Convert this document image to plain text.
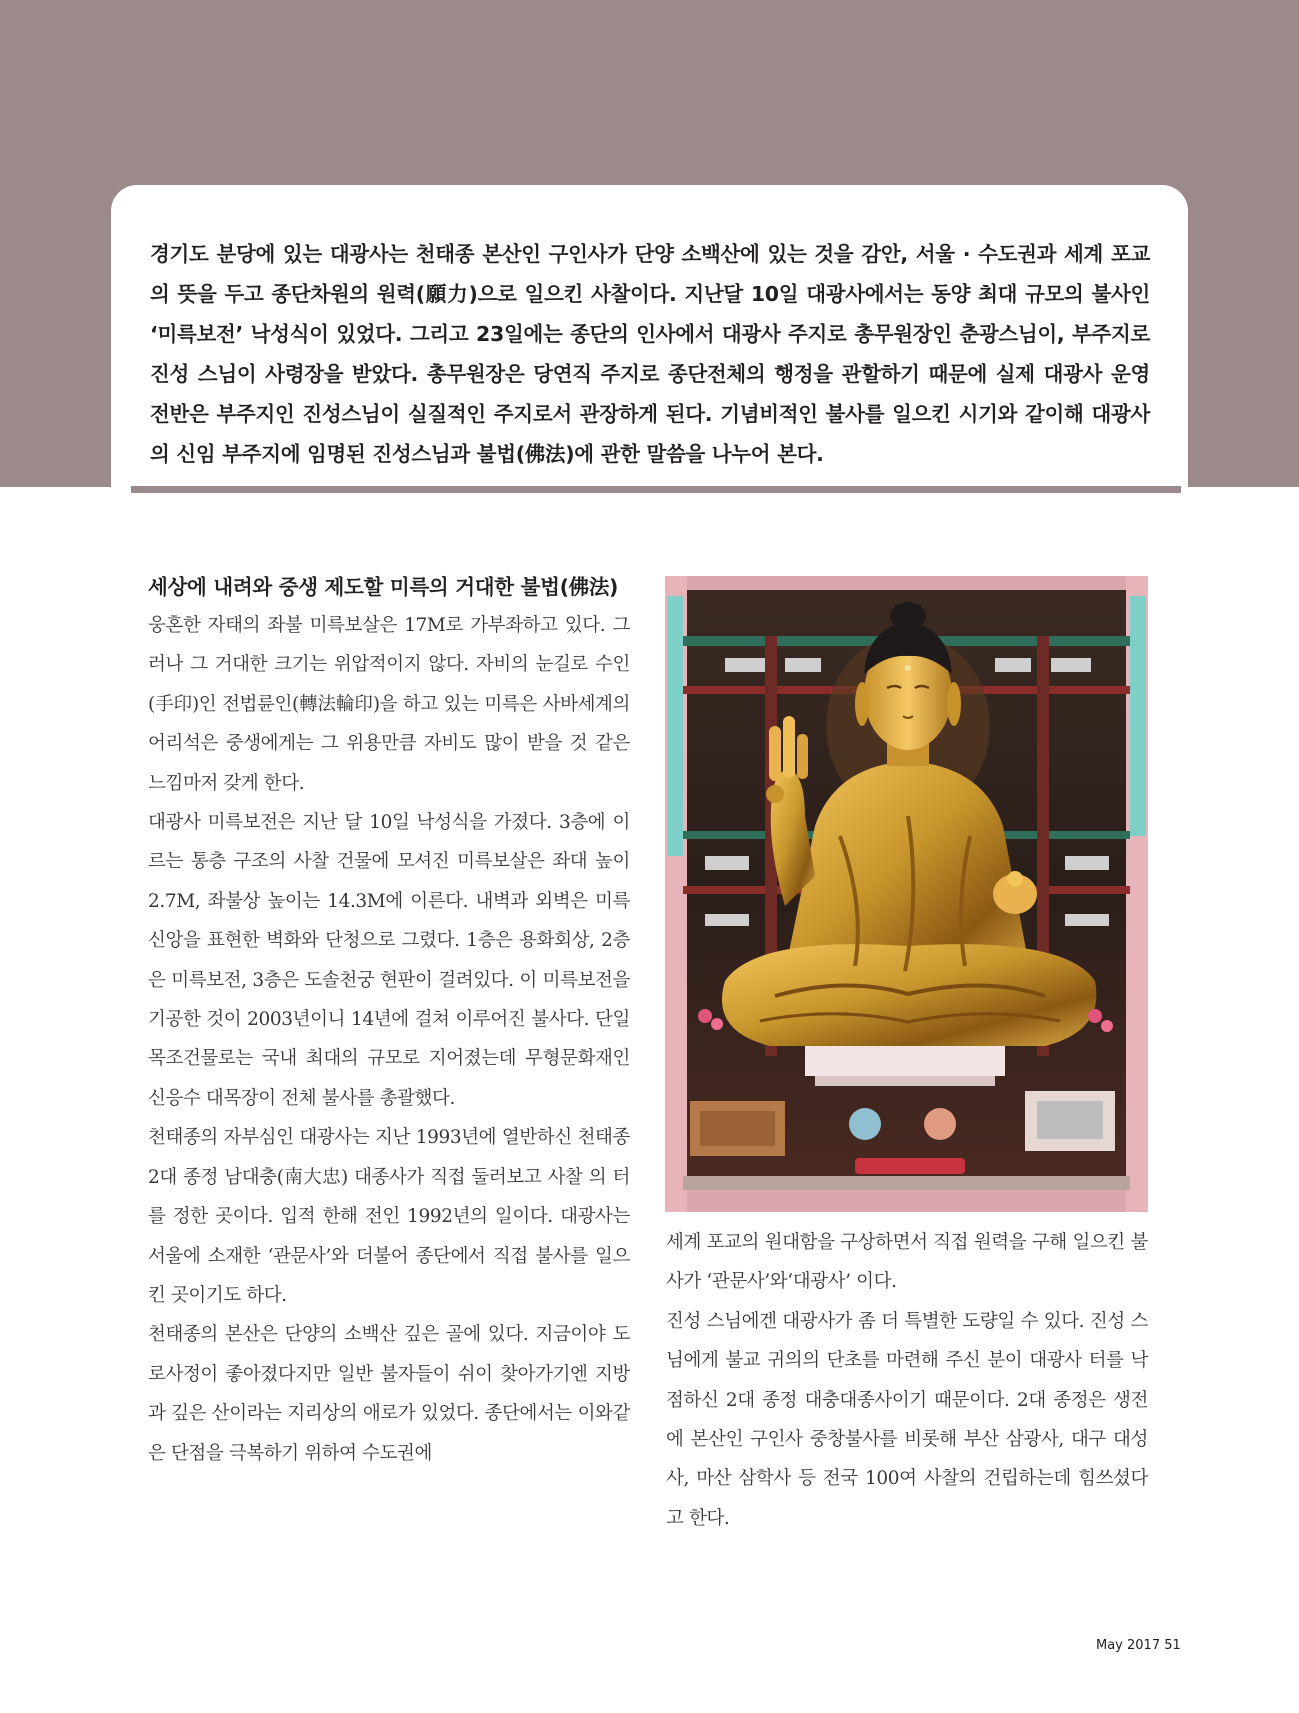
경기도 분당에 있는 대광사는 천태종 본산인 구인사가 단양 소백산에 있는 것을 감안, 서울 · 수도권과 세계 포교의 뜻을 두고 종단차원의 원력(願力)으로 일으킨 사찰이다. 지난달 10일 대광사에서는 동양 최대 규모의 불사인 ‘미륵보전’ 낙성식이 있었다. 그리고 23일에는 종단의 인사에서 대광사 주지로 총무원장인 춘광스님이, 부주지로 진성 스님이 사령장을 받았다. 총무원장은 당연직 주지로 종단전체의 행정을 관할하기 때문에 실제 대광사 운영 전반은 부주지인 진성스님이 실질적인 주지로서 관장하게 된다. 기념비적인 불사를 일으킨 시기와 같이해 대광사의 신임 부주지에 임명된 진성스님과 불법(佛法)에 관한 말씀을 나누어 본다.

세상에 내려와 중생 제도할 미륵의 거대한 불법(佛法)

웅혼한 자태의 좌불 미륵보살은 17M로 가부좌하고 있다. 그러나 그 거대한 크기는 위압적이지 않다. 자비의 눈길로 수인(手印)인 전법륜인(轉法輪印)을 하고 있는 미륵은 사바세계의 어리석은 중생에게는 그 위용만큼 자비도 많이 받을 것 같은 느낌마저 갖게 한다.

대광사 미륵보전은 지난 달 10일 낙성식을 가졌다. 3층에 이르는 통층 구조의 사찰 건물에 모셔진 미륵보살은 좌대 높이 2.7M, 좌불상 높이는 14.3M에 이른다. 내벽과 외벽은 미륵신앙을 표현한 벽화와 단청으로 그렸다. 1층은 용화회상, 2층은 미륵보전, 3층은 도솔천궁 현판이 걸려있다. 이 미륵보전을 기공한 것이 2003년이니 14년에 걸쳐 이루어진 불사다. 단일 목조건물로는 국내 최대의 규모로 지어졌는데 무형문화재인 신응수 대목장이 전체 불사를 총괄했다.

천태종의 자부심인 대광사는 지난 1993년에 열반하신 천태종 2대 종정 남대충(南大忠) 대종사가 직접 둘러보고 사찰 의 터를 정한 곳이다. 입적 한해 전인 1992년의 일이다. 대광사는 서울에 소재한 ‘관문사’와 더불어 종단에서 직접 불사를 일으킨 곳이기도 하다.

천태종의 본산은 단양의 소백산 깊은 골에 있다. 지금이야 도로사정이 좋아졌다지만 일반 불자들이 쉬이 찾아가기엔 지방과 깊은 산이라는 지리상의 애로가 있었다. 종단에서는 이와같은 단점을 극복하기 위하여 수도권에

세계 포교의 원대함을 구상하면서 직접 원력을 구해 일으킨 불사가 ‘관문사’와‘대광사’ 이다.

진성 스님에겐 대광사가 좀 더 특별한 도량일 수 있다. 진성 스님에게 불교 귀의의 단초를 마련해 주신 분이 대광사 터를 낙점하신 2대 종정 대충대종사이기 때문이다. 2대 종정은 생전에 본산인 구인사 중창불사를 비롯해 부산 삼광사, 대구 대성사, 마산 삼학사 등 전국 100여 사찰의 건립하는데 힘쓰셨다고 한다.

May 2017 51
